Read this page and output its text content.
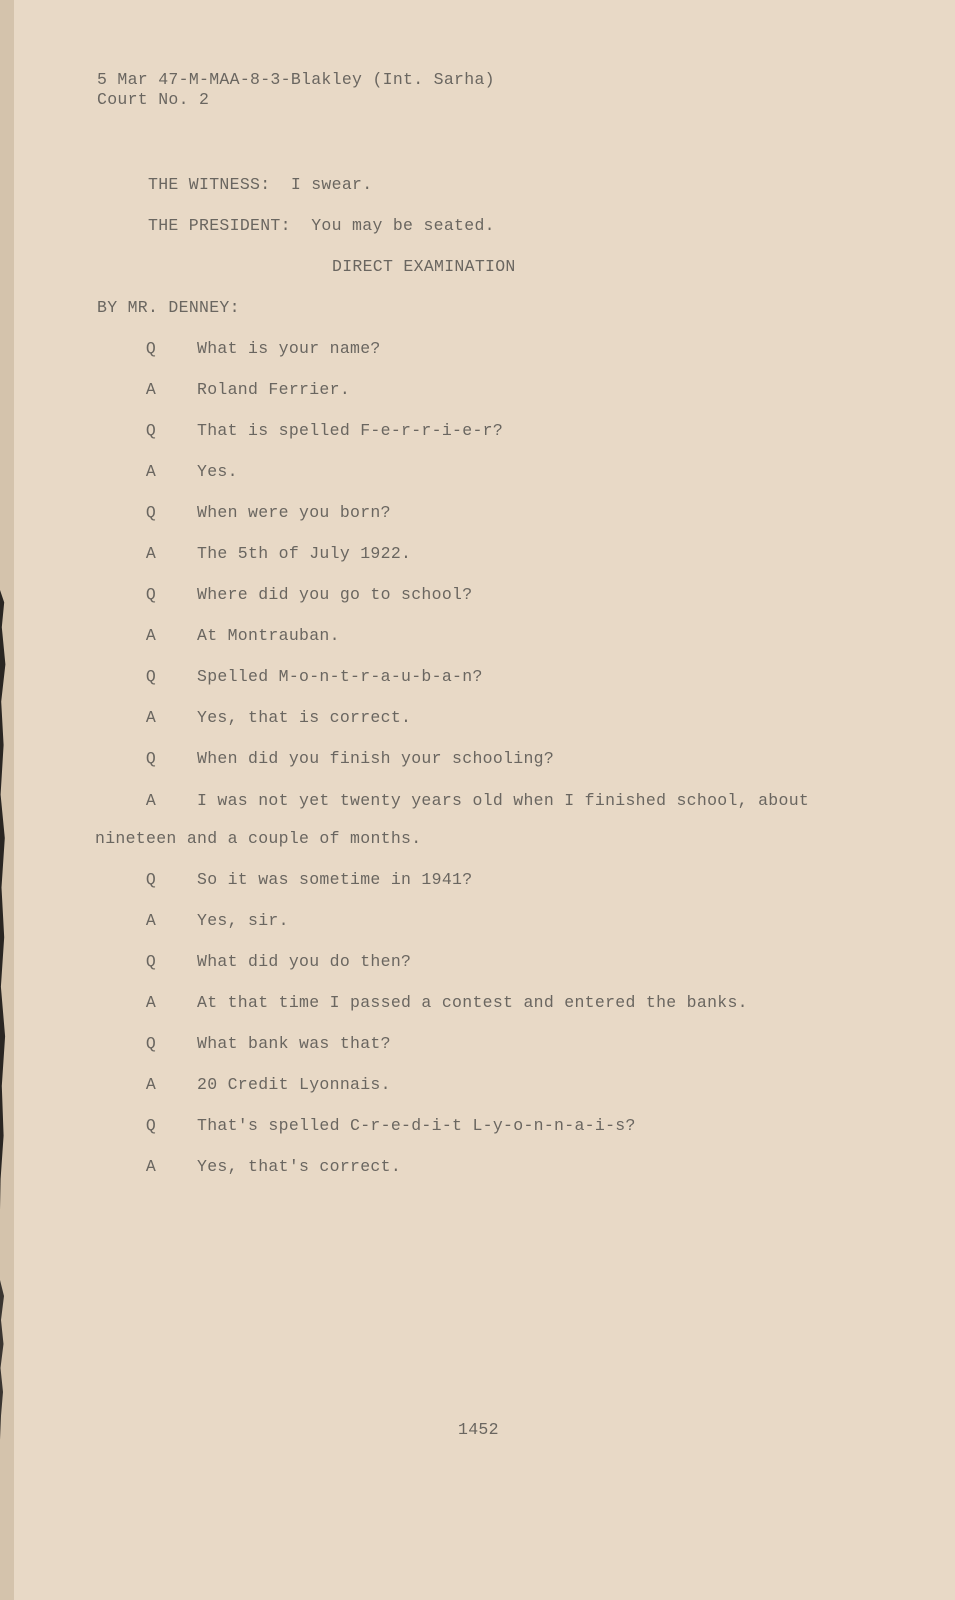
5 Mar 47-M-MAA-8-3-Blakley (Int. Sarha)
Court No. 2
THE WITNESS: I swear.
THE PRESIDENT: You may be seated.
DIRECT EXAMINATION
BY MR. DENNEY:
Q	What is your name?
A	Roland Ferrier.
Q	That is spelled F-e-r-r-i-e-r?
A	Yes.
Q	When were you born?
A	The 5th of July 1922.
Q	Where did you go to school?
A	At Montrauban.
Q	Spelled M-o-n-t-r-a-u-b-a-n?
A	Yes, that is correct.
Q	When did you finish your schooling?
A	I was not yet twenty years old when I finished school, about
nineteen and a couple of months.
Q	So it was sometime in 1941?
A	Yes, sir.
Q	What did you do then?
A	At that time I passed a contest and entered the banks.
Q	What bank was that?
A	20 Credit Lyonnais.
Q	That's spelled C-r-e-d-i-t L-y-o-n-n-a-i-s?
A	Yes, that's correct.
1452
